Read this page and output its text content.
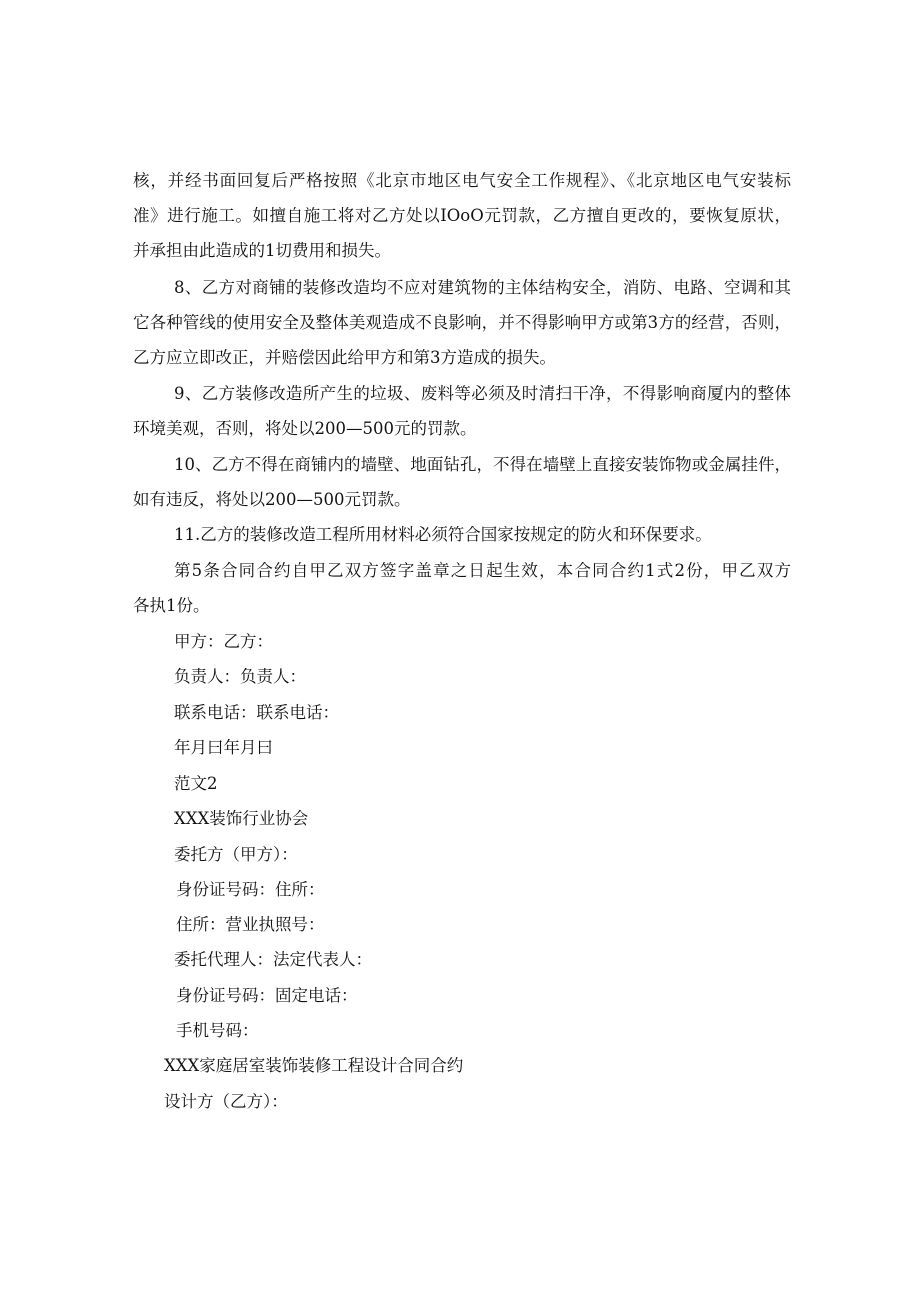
核，并经书面回复后严格按照《北京市地区电气安全工作规程》、《北京地区电气安装标

准》进行施工。如擅自施工将对乙方处以IOoO元罚款，乙方擅自更改的，要恢复原状，

并承担由此造成的1切费用和损失。

8、乙方对商铺的装修改造均不应对建筑物的主体结构安全，消防、电路、空调和其

它各种管线的使用安全及整体美观造成不良影响，并不得影响甲方或第3方的经营，否则，

乙方应立即改正，并赔偿因此给甲方和第3方造成的损失。

9、乙方装修改造所产生的垃圾、废料等必须及时清扫干净，不得影响商厦内的整体

环境美观，否则，将处以200—500元的罚款。

10、乙方不得在商铺内的墙壁、地面钻孔，不得在墙壁上直接安装饰物或金属挂件，

如有违反，将处以200—500元罚款。

11.乙方的装修改造工程所用材料必须符合国家按规定的防火和环保要求。

第5条合同合约自甲乙双方签字盖章之日起生效，本合同合约1式2份，甲乙双方

各执1份。

甲方：乙方：

负责人：负责人：

联系电话：联系电话：

年月曰年月曰

范文2

XXX装饰行业协会

委托方（甲方）：

身份证号码：住所：

住所：营业执照号：

委托代理人：法定代表人：

身份证号码：固定电话：

手机号码：

XXX家庭居室装饰装修工程设计合同合约

设计方（乙方）：
